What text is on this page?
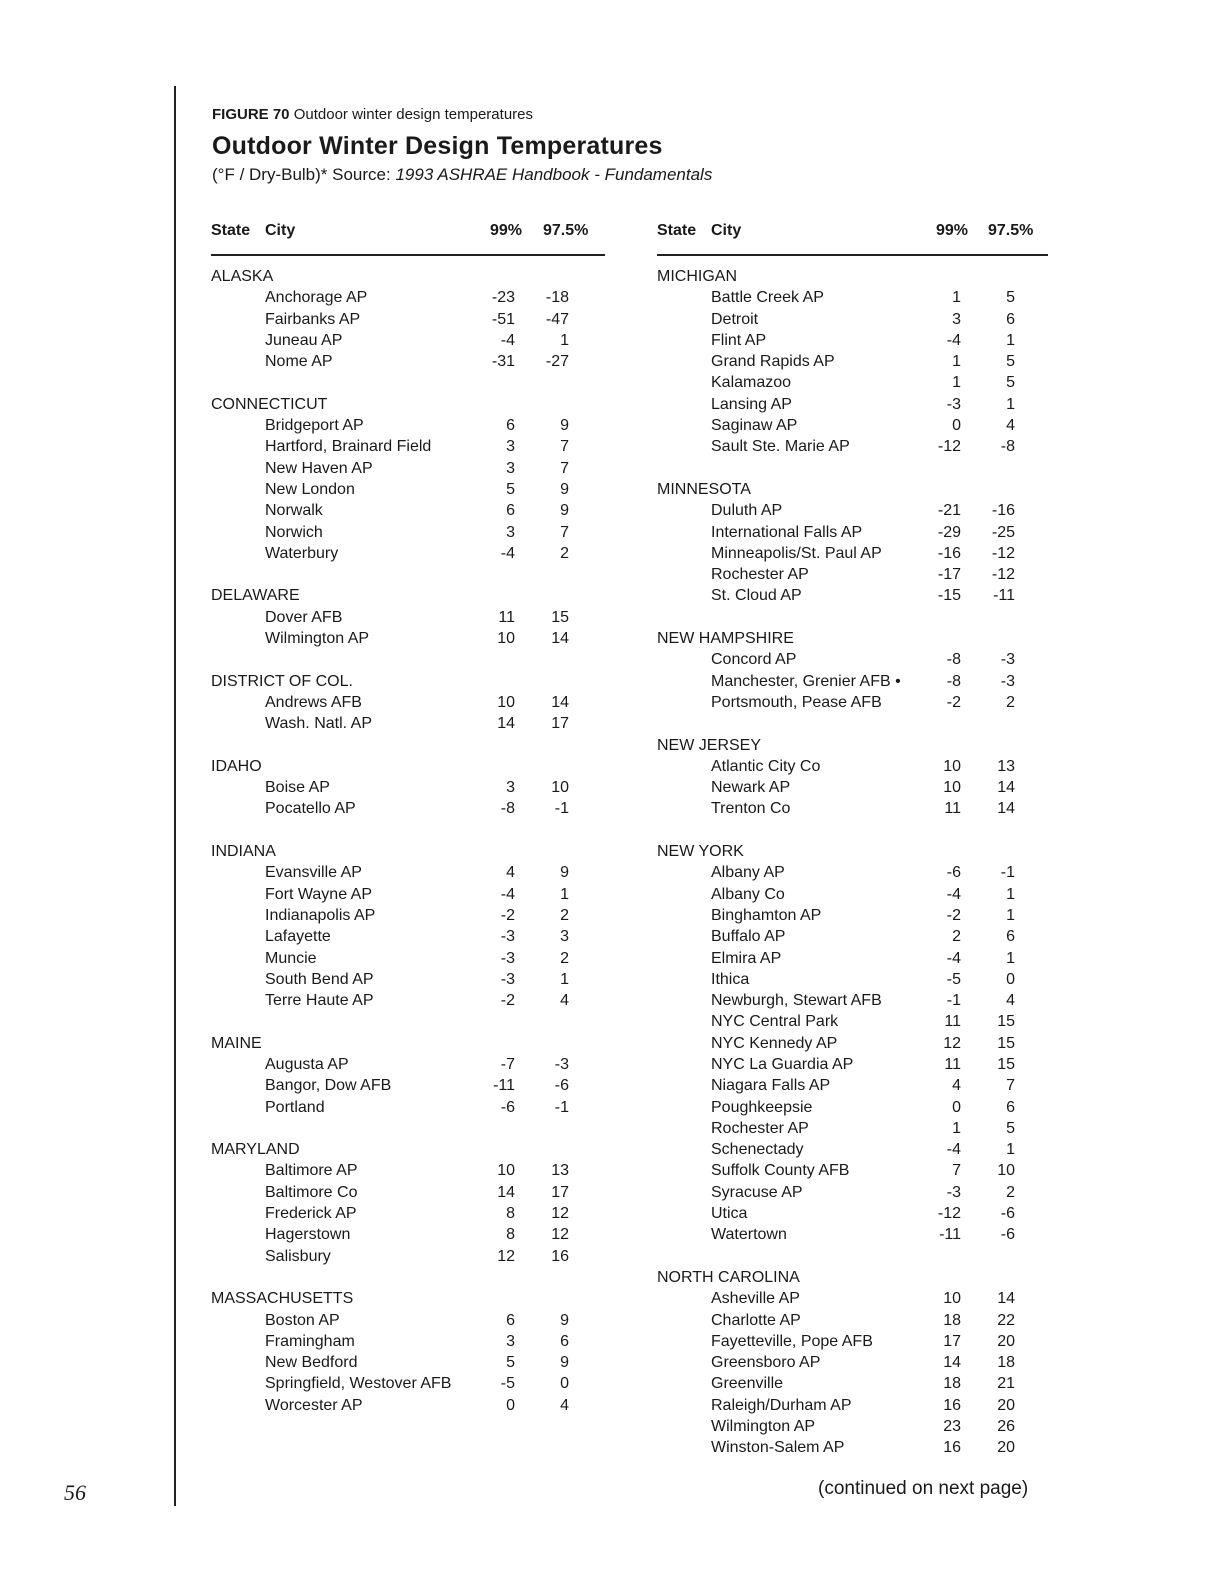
56
FIGURE 70 Outdoor winter design temperatures
Outdoor Winter Design Temperatures
(°F / Dry-Bulb)* Source: 1993 ASHRAE Handbook - Fundamentals
State City	99% 97.5%
ALASKA
Anchorage AP	-23	-18
Fairbanks AP	-51	-47
Juneau AP	-4	1
Nome AP	-31	-27
CONNECTICUT
Bridgeport AP	6	9
Hartford, Brainard Field	3	7
New Haven AP	3	7
New London	5	9
Norwalk	6	9
Norwich	3	7
Waterbury	-4	2
DELAWARE
Dover AFB	11	15
Wilmington AP	10	14
DISTRICT OF COL.
Andrews AFB	10	14
Wash. Natl. AP	14	17
IDAHO
Boise AP	3	10
Pocatello AP	-8	-1
INDIANA
Evansville AP	4	9
Fort Wayne AP	-4	1
Indianapolis AP	-2	2
Lafayette	-3	3
Muncie	-3	2
South Bend AP	-3	1
Terre Haute AP	-2	4
MAINE
Augusta AP	-7	-3
Bangor, Dow AFB	-11	-6
Portland	-6	-1
MARYLAND
Baltimore AP	10	13
Baltimore Co	14	17
Frederick AP	8	12
Hagerstown	8	12
Salisbury	12	16
MASSACHUSETTS
Boston AP	6	9
Framingham	3	6
New Bedford	5	9
Springfield, Westover AFB	-5	0
Worcester AP	0	4
State City	99% 97.5%
MICHIGAN
Battle Creek AP	1	5
Detroit	3	6
Flint AP	-4	1
Grand Rapids AP	1	5
Kalamazoo	1	5
Lansing AP	-3	1
Saginaw AP	0	4
Sault Ste. Marie AP	-12	-8
MINNESOTA
Duluth AP	-21	-16
International Falls AP	-29	-25
Minneapolis/St. Paul AP	-16	-12
Rochester AP	-17	-12
St. Cloud AP	-15	-11
NEW HAMPSHIRE
Concord AP	-8	-3
Manchester, Grenier AFB •	-8	-3
Portsmouth, Pease AFB	-2	2
NEW JERSEY
Atlantic City Co	10	13
Newark AP	10	14
Trenton Co	11	14
NEW YORK
Albany AP	-6	-1
Albany Co	-4	1
Binghamton AP	-2	1
Buffalo AP	2	6
Elmira AP	-4	1
Ithica	-5	0
Newburgh, Stewart AFB	-1	4
NYC Central Park	11	15
NYC Kennedy AP	12	15
NYC La Guardia AP	11	15
Niagara Falls AP	4	7
Poughkeepsie	0	6
Rochester AP	1	5
Schenectady	-4	1
Suffolk County AFB	7	10
Syracuse AP	-3	2
Utica	-12	-6
Watertown	-11	-6
NORTH CAROLINA
Asheville AP	10	14
Charlotte AP	18	22
Fayetteville, Pope AFB	17	20
Greensboro AP	14	18
Greenville	18	21
Raleigh/Durham AP	16	20
Wilmington AP	23	26
Winston-Salem AP	16	20
(continued on next page)
